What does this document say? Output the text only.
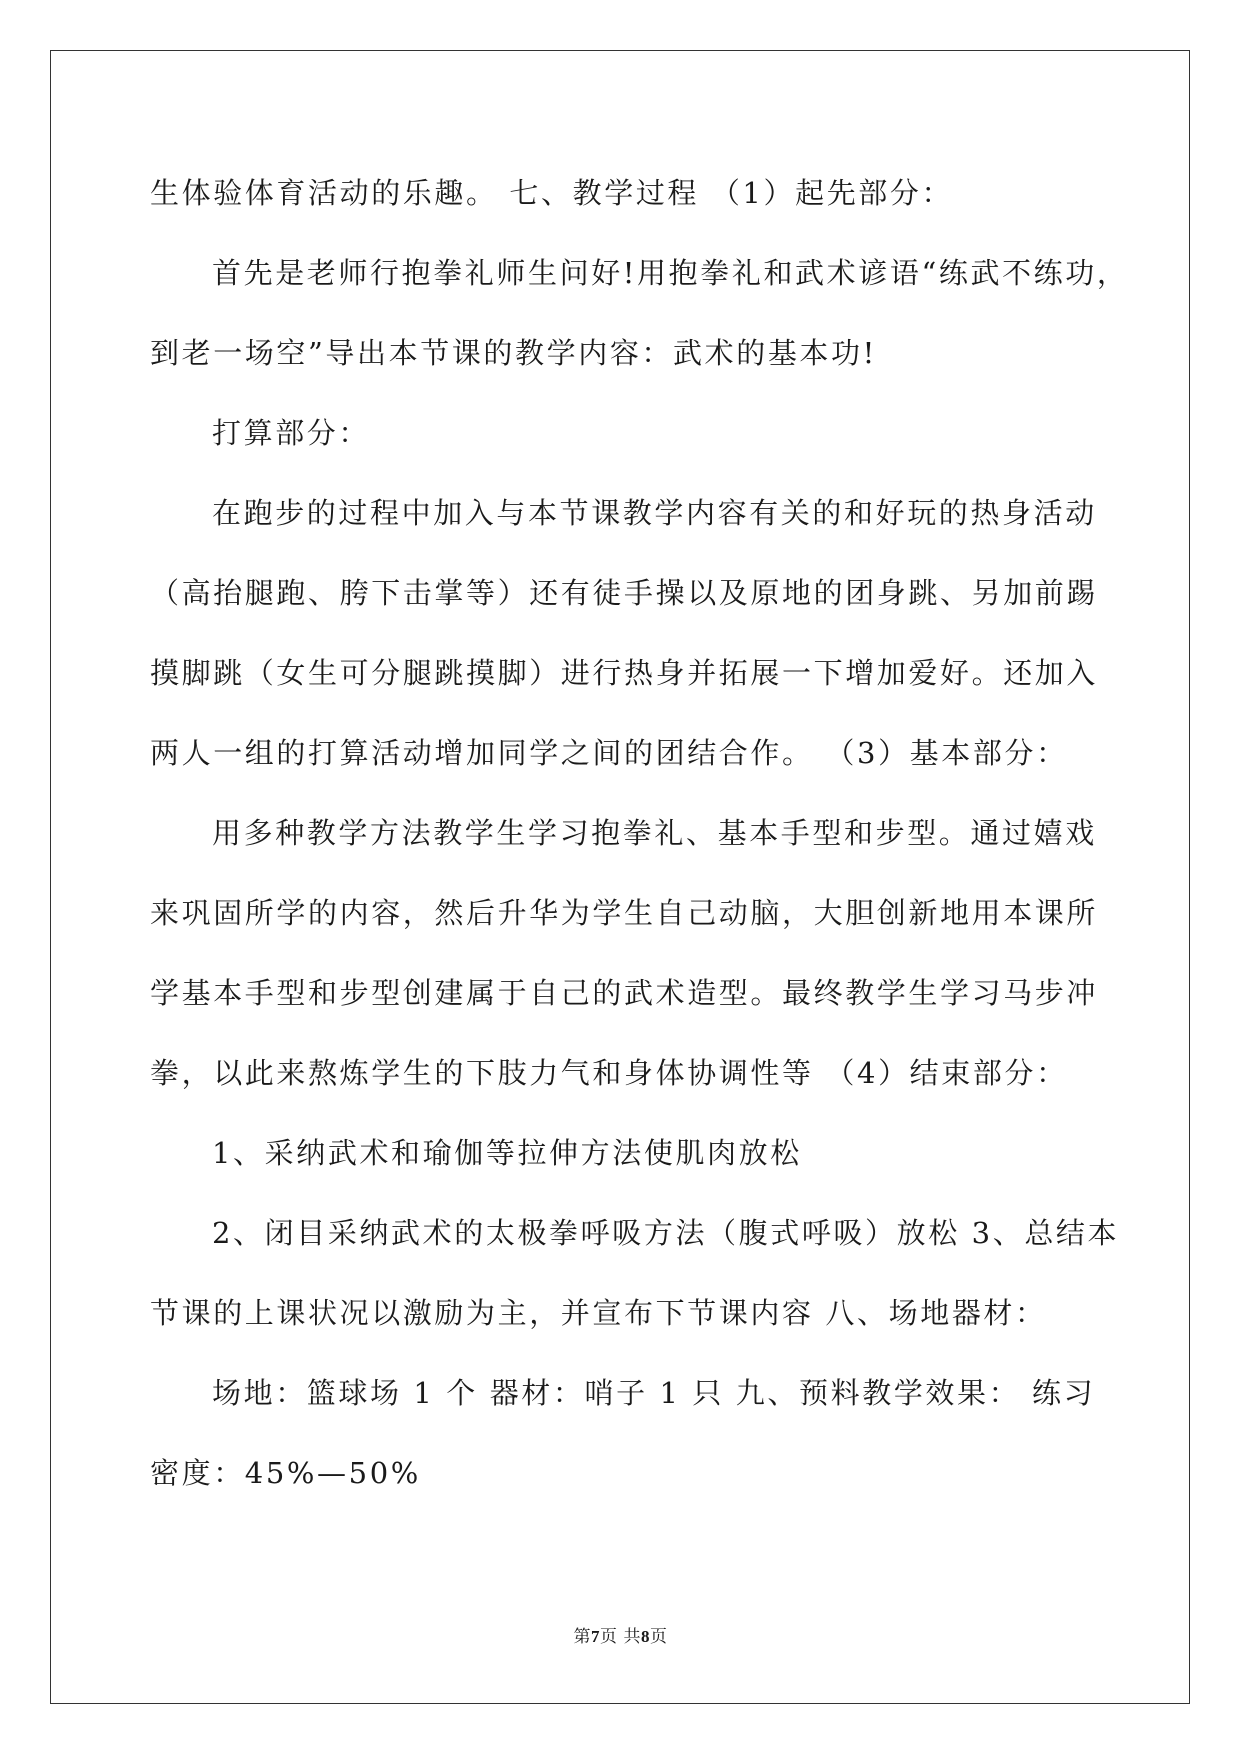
生体验体育活动的乐趣。 七、教学过程 （1）起先部分：
首先是老师行抱拳礼师生问好!用抱拳礼和武术谚语“练武不练功，
到老一场空”导出本节课的教学内容：武术的基本功!
打算部分：
在跑步的过程中加入与本节课教学内容有关的和好玩的热身活动
（高抬腿跑、胯下击掌等）还有徒手操以及原地的团身跳、另加前踢
摸脚跳（女生可分腿跳摸脚）进行热身并拓展一下增加爱好。还加入
两人一组的打算活动增加同学之间的团结合作。 （3）基本部分：
用多种教学方法教学生学习抱拳礼、基本手型和步型。通过嬉戏
来巩固所学的内容，然后升华为学生自己动脑，大胆创新地用本课所
学基本手型和步型创建属于自己的武术造型。最终教学生学习马步冲
拳，以此来熬炼学生的下肢力气和身体协调性等 （4）结束部分：
1、采纳武术和瑜伽等拉伸方法使肌肉放松
2、闭目采纳武术的太极拳呼吸方法（腹式呼吸）放松 3、总结本
节课的上课状况以激励为主，并宣布下节课内容 八、场地器材：
场地：篮球场 1 个 器材：哨子 1 只 九、预料教学效果： 练习
密度：45%—50%
第7页 共8页
